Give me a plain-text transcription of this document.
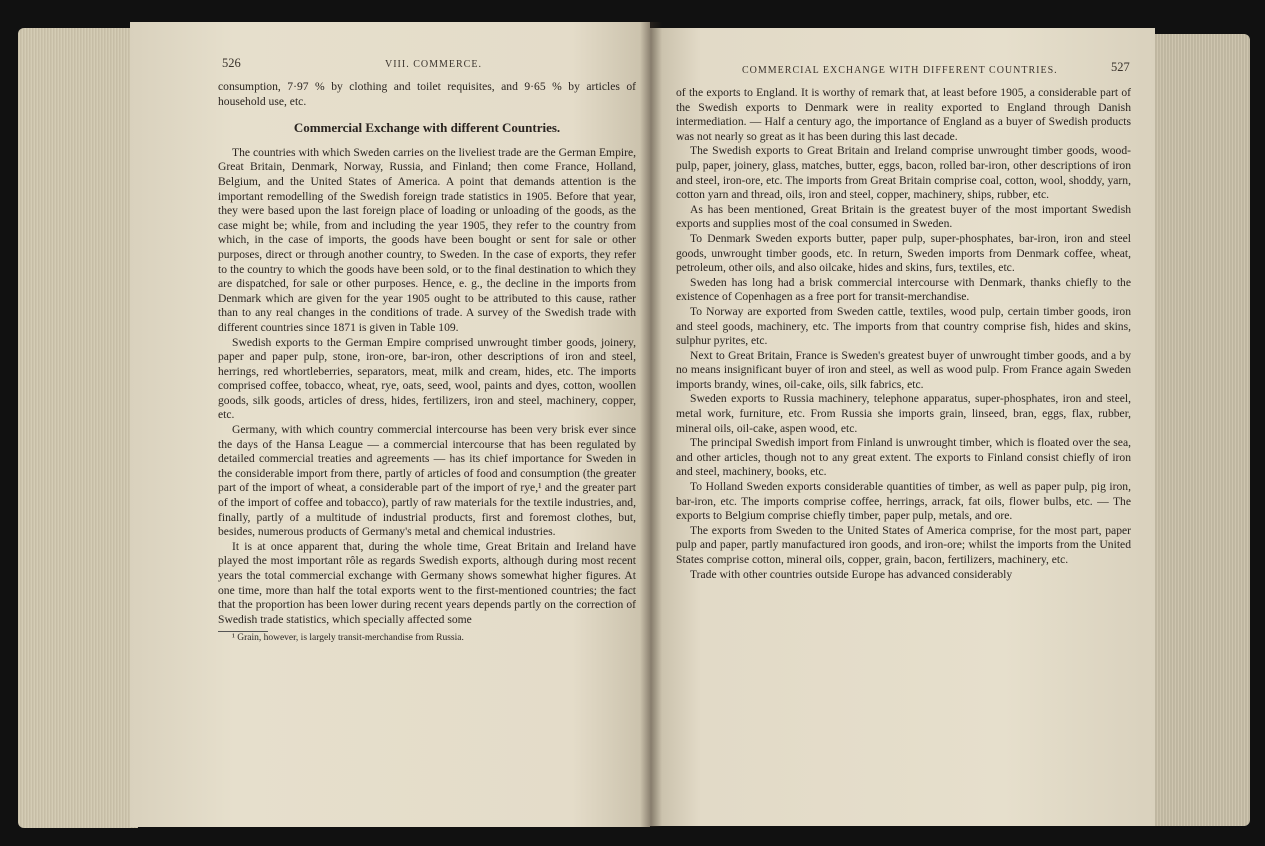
526	VIII. COMMERCE.

consumption, 7·97 % by clothing and toilet requisites, and 9·65 % by articles of household use, etc.

Commercial Exchange with different Countries.

The countries with which Sweden carries on the liveliest trade are the German Empire, Great Britain, Denmark, Norway, Russia, and Finland; then come France, Holland, Belgium, and the United States of America. A point that demands attention is the important remodelling of the Swedish foreign trade statistics in 1905. Before that year, they were based upon the last foreign place of loading or unloading of the goods, as the case might be; while, from and including the year 1905, they refer to the country from which, in the case of imports, the goods have been bought or sent for sale or other purposes, direct or through another country, to Sweden. In the case of exports, they refer to the country to which the goods have been sold, or to the final destination to which they are dispatched, for sale or other purposes. Hence, e. g., the decline in the imports from Denmark which are given for the year 1905 ought to be attributed to this cause, rather than to any real changes in the conditions of trade. A survey of the Swedish trade with different countries since 1871 is given in Table 109.

Swedish exports to the German Empire comprised unwrought timber goods, joinery, paper and paper pulp, stone, iron-ore, bar-iron, other descriptions of iron and steel, herrings, red whortleberries, separators, meat, milk and cream, hides, etc. The imports comprised coffee, tobacco, wheat, rye, oats, seed, wool, paints and dyes, cotton, woollen goods, silk goods, articles of dress, hides, fertilizers, iron and steel, machinery, copper, etc.

Germany, with which country commercial intercourse has been very brisk ever since the days of the Hansa League — a commercial intercourse that has been regulated by detailed commercial treaties and agreements — has its chief importance for Sweden in the considerable import from there, partly of articles of food and consumption (the greater part of the import of wheat, a considerable part of the import of rye,¹ and the greater part of the import of coffee and tobacco), partly of raw materials for the textile industries, and, finally, partly of a multitude of industrial products, first and foremost clothes, but, besides, numerous products of Germany's metal and chemical industries.

It is at once apparent that, during the whole time, Great Britain and Ireland have played the most important rôle as regards Swedish exports, although during most recent years the total commercial exchange with Germany shows somewhat higher figures. At one time, more than half the total exports went to the first-mentioned countries; the fact that the proportion has been lower during recent years depends partly on the correction of Swedish trade statistics, which specially affected some

¹ Grain, however, is largely transit-merchandise from Russia.

COMMERCIAL EXCHANGE WITH DIFFERENT COUNTRIES.	527

of the exports to England. It is worthy of remark that, at least before 1905, a considerable part of the Swedish exports to Denmark were in reality exported to England through Danish intermediation. — Half a century ago, the importance of England as a buyer of Swedish products was not nearly so great as it has been during this last decade.

The Swedish exports to Great Britain and Ireland comprise unwrought timber goods, wood-pulp, paper, joinery, glass, matches, butter, eggs, bacon, rolled bar-iron, other descriptions of iron and steel, iron-ore, etc. The imports from Great Britain comprise coal, cotton, wool, shoddy, yarn, cotton yarn and thread, oils, iron and steel, copper, machinery, ships, rubber, etc.

As has been mentioned, Great Britain is the greatest buyer of the most important Swedish exports and supplies most of the coal consumed in Sweden.

To Denmark Sweden exports butter, paper pulp, super-phosphates, bar-iron, iron and steel goods, unwrought timber goods, etc. In return, Sweden imports from Denmark coffee, wheat, petroleum, other oils, and also oilcake, hides and skins, furs, textiles, etc.

Sweden has long had a brisk commercial intercourse with Denmark, thanks chiefly to the existence of Copenhagen as a free port for transit-merchandise.

To Norway are exported from Sweden cattle, textiles, wood pulp, certain timber goods, iron and steel goods, machinery, etc. The imports from that country comprise fish, hides and skins, sulphur pyrites, etc.

Next to Great Britain, France is Sweden's greatest buyer of unwrought timber goods, and a by no means insignificant buyer of iron and steel, as well as wood pulp. From France again Sweden imports brandy, wines, oil-cake, oils, silk fabrics, etc.

Sweden exports to Russia machinery, telephone apparatus, super-phosphates, iron and steel, metal work, furniture, etc. From Russia she imports grain, linseed, bran, eggs, flax, rubber, mineral oils, oil-cake, aspen wood, etc.

The principal Swedish import from Finland is unwrought timber, which is floated over the sea, and other articles, though not to any great extent. The exports to Finland consist chiefly of iron and steel, machinery, books, etc.

To Holland Sweden exports considerable quantities of timber, as well as paper pulp, pig iron, bar-iron, etc. The imports comprise coffee, herrings, arrack, fat oils, flower bulbs, etc. — The exports to Belgium comprise chiefly timber, paper pulp, metals, and ore.

The exports from Sweden to the United States of America comprise, for the most part, paper pulp and paper, partly manufactured iron goods, and iron-ore; whilst the imports from the United States comprise cotton, mineral oils, copper, grain, bacon, fertilizers, machinery, etc.

Trade with other countries outside Europe has advanced considerably
